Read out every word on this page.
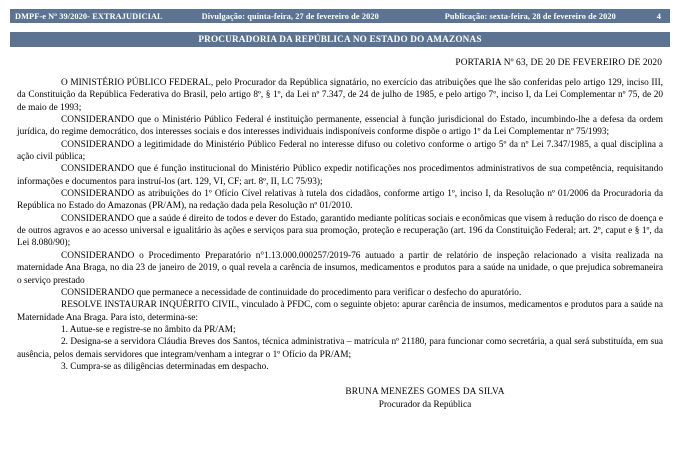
DMPF-e Nº 39/2020- EXTRAJUDICIAL	Divulgação: quinta-feira, 27 de fevereiro de 2020	Publicação: sexta-feira, 28 de fevereiro de 2020	4
PROCURADORIA DA REPÚBLICA NO ESTADO DO AMAZONAS
PORTARIA Nº 63, DE 20 DE FEVEREIRO DE 2020

O MINISTÉRIO PÚBLICO FEDERAL, pelo Procurador da República signatário, no exercício das atribuições que lhe são conferidas pelo artigo 129, inciso III, da Constituição da República Federativa do Brasil, pelo artigo 8º, § 1º, da Lei nº 7.347, de 24 de julho de 1985, e pelo artigo 7º, inciso I, da Lei Complementar nº 75, de 20 de maio de 1993;

CONSIDERANDO que o Ministério Público Federal é instituição permanente, essencial à função jurisdicional do Estado, incumbindo-lhe a defesa da ordem jurídica, do regime democrático, dos interesses sociais e dos interesses individuais indisponíveis conforme dispõe o artigo 1º da Lei Complementar nº 75/1993;

CONSIDERANDO a legitimidade do Ministério Público Federal no interesse difuso ou coletivo conforme o artigo 5º da nº Lei 7.347/1985, a qual disciplina a ação civil pública;

CONSIDERANDO que é função institucional do Ministério Público expedir notificações nos procedimentos administrativos de sua competência, requisitando informações e documentos para instruí-los (art. 129, VI, CF; art. 8º, II, LC 75/93);

CONSIDERANDO as atribuições do 1º Ofício Cível relativas à tutela dos cidadãos, conforme artigo 1º, inciso I, da Resolução nº 01/2006 da Procuradoria da República no Estado do Amazonas (PR/AM), na redação dada pela Resolução nº 01/2010.

CONSIDERANDO que a saúde é direito de todos e dever do Estado, garantido mediante políticas sociais e econômicas que visem à redução do risco de doença e de outros agravos e ao acesso universal e igualitário às ações e serviços para sua promoção, proteção e recuperação (art. 196 da Constituição Federal; art. 2º, caput e § 1º, da Lei 8.080/90);

CONSIDERANDO o Procedimento Preparatório n°1.13.000.000257/2019-76 autuado a partir de relatório de inspeção relacionado a visita realizada na maternidade Ana Braga, no dia 23 de janeiro de 2019, o qual revela a carência de insumos, medicamentos e produtos para a saúde na unidade, o que prejudica sobremaneira o serviço prestado

CONSIDERANDO que permanece a necessidade de continuidade do procedimento para verificar o desfecho do apuratório.

RESOLVE INSTAURAR INQUÉRITO CIVIL, vinculado à PFDC, com o seguinte objeto: apurar carência de insumos, medicamentos e produtos para a saúde na Maternidade Ana Braga. Para isto, determina-se:

1. Autue-se e registre-se no âmbito da PR/AM;

2. Designa-se a servidora Cláudia Breves dos Santos, técnica administrativa – matrícula nº 21180, para funcionar como secretária, a qual será substituída, em sua ausência, pelos demais servidores que integram/venham a integrar o 1º Ofício da PR/AM;

3. Cumpra-se as diligências determinadas em despacho.

BRUNA MENEZES GOMES DA SILVA
Procurador da República
